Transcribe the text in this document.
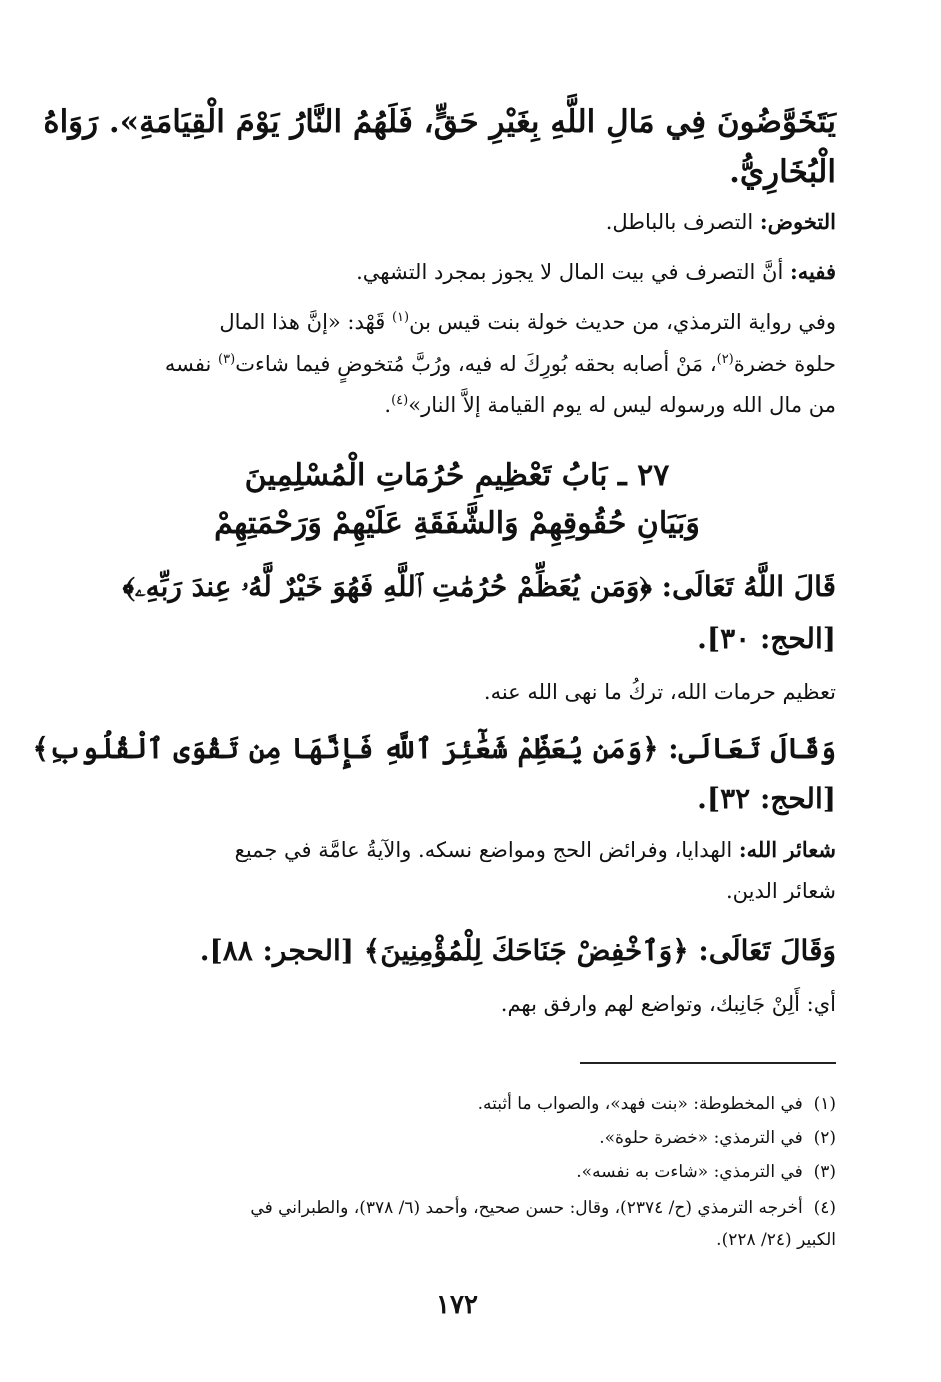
يَتَخَوَّضُونَ فِي مَالِ اللَّهِ بِغَيْرِ حَقٍّ، فَلَهُمُ النَّارُ يَوْمَ الْقِيَامَةِ». رَوَاهُ
الْبُخَارِيُّ.
التخوض: التصرف بالباطل.
ففيه: أنَّ التصرف في بيت المال لا يجوز بمجرد التشهي.
وفي رواية الترمذي، من حديث خولة بنت قيس بن$^{(١)}$ قَهْد: «إنَّ هذا المال
حلوة خضرة$^{(٢)}$، مَنْ أصابه بحقه بُورِكَ له فيه، ورُبَّ مُتخوضٍ فيما شاءت$^{(٣)}$ نفسه
من مال الله ورسوله ليس له يوم القيامة إلاَّ النار»$^{(٤)}$.
٢٧ ـ بَابُ تَعْظِيمِ حُرُمَاتِ الْمُسْلِمِينَ
وَبَيَانِ حُقُوقِهِمْ وَالشَّفَقَةِ عَلَيْهِمْ وَرَحْمَتِهِمْ
قَالَ اللَّهُ تَعَالَى: ﴿وَمَن يُعَظِّمْ حُرُمَٰتِ ٱللَّهِ فَهُوَ خَيْرٌ لَّهُۥ عِندَ رَبِّهِۦ﴾
[الحج: ٣٠].
تعظيم حرمات الله، تركُ ما نهى الله عنه.
وَقَالَ تَعَالَى: ﴿وَمَن يُعَظِّمْ شَعَٰٓئِرَ ٱللَّهِ فَإِنَّهَا مِن تَقْوَى ٱلْقُلُوبِ﴾
[الحج: ٣٢].
شعائر الله: الهدايا، وفرائض الحج ومواضع نسكه. والآيةُ عامَّة في جميع
شعائر الدين.
وَقَالَ تَعَالَى: ﴿وَٱخْفِضْ جَنَاحَكَ لِلْمُؤْمِنِينَ﴾ [الحجر: ٨٨].
أي: أَلِنْ جَانِبك، وتواضع لهم وارفق بهم.
(١)  في المخطوطة: «بنت فهد»، والصواب ما أثبته.
(٢)  في الترمذي: «خضرة حلوة».
(٣)  في الترمذي: «شاءت به نفسه».
(٤)  أخرجه الترمذي (ح/ ٢٣٧٤)، وقال: حسن صحيح، وأحمد (٦/ ٣٧٨)، والطبراني في
الكبير (٢٤/ ٢٢٨).
١٧٢
